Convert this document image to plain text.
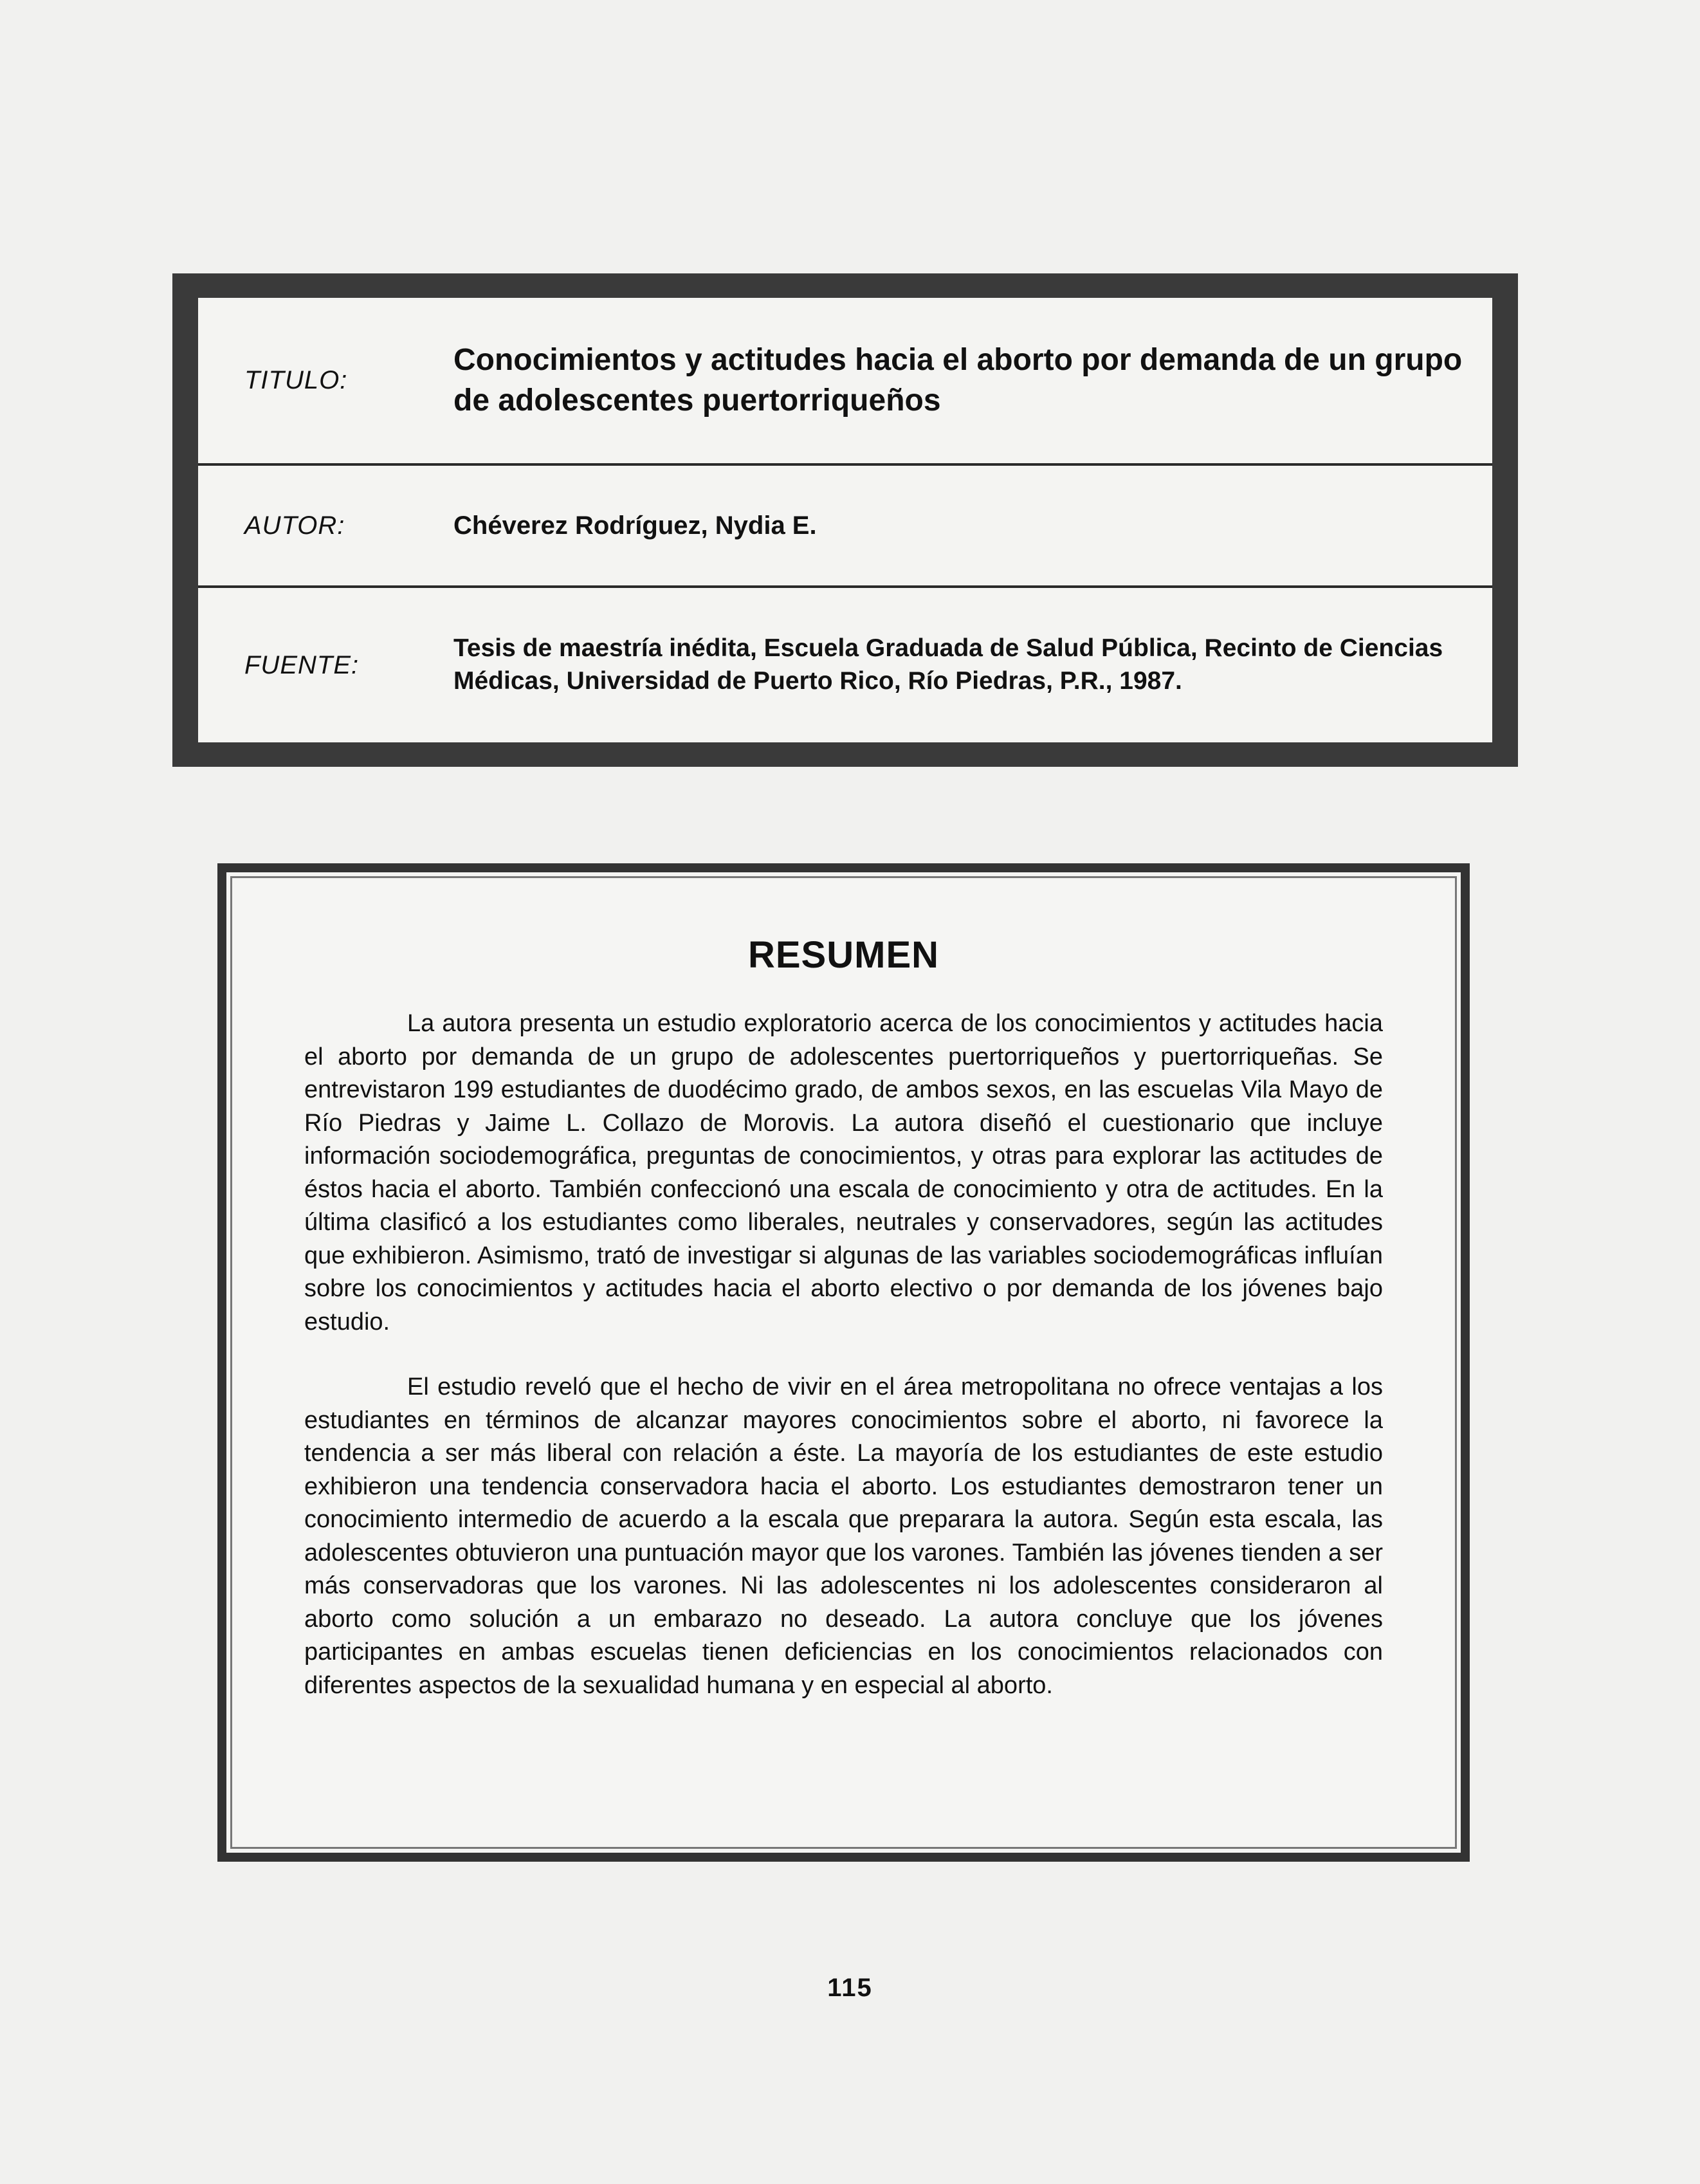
TITULO:
Conocimientos y actitudes hacia el aborto por demanda de un grupo de adolescentes puertorriqueños
AUTOR:	Chéverez Rodríguez, Nydia E.
FUENTE:
Tesis de maestría inédita, Escuela Graduada de Salud Pública, Recinto de Ciencias Médicas, Universidad de Puerto Rico, Río Piedras, P.R., 1987.
RESUMEN

La autora presenta un estudio exploratorio acerca de los conocimientos y actitudes hacia el aborto por demanda de un grupo de adolescentes puertorriqueños y puertorriqueñas. Se entrevistaron 199 estudiantes de duodécimo grado, de ambos sexos, en las escuelas Vila Mayo de Río Piedras y Jaime L. Collazo de Morovis. La autora diseñó el cuestionario que incluye información sociodemográfica, preguntas de conocimientos, y otras para explorar las actitudes de éstos hacia el aborto. También confeccionó una escala de conocimiento y otra de actitudes. En la última clasificó a los estudiantes como liberales, neutrales y conservadores, según las actitudes que exhibieron. Asimismo, trató de investigar si algunas de las variables sociodemográficas influían sobre los conocimientos y actitudes hacia el aborto electivo o por demanda de los jóvenes bajo estudio.

El estudio reveló que el hecho de vivir en el área metropolitana no ofrece ventajas a los estudiantes en términos de alcanzar mayores conocimientos sobre el aborto, ni favorece la tendencia a ser más liberal con relación a éste. La mayoría de los estudiantes de este estudio exhibieron una tendencia conservadora hacia el aborto. Los estudiantes demostraron tener un conocimiento intermedio de acuerdo a la escala que preparara la autora. Según esta escala, las adolescentes obtuvieron una puntuación mayor que los varones. También las jóvenes tienden a ser más conservadoras que los varones. Ni las adolescentes ni los adolescentes consideraron al aborto como solución a un embarazo no deseado. La autora concluye que los jóvenes participantes en ambas escuelas tienen deficiencias en los conocimientos relacionados con diferentes aspectos de la sexualidad humana y en especial al aborto.

115
